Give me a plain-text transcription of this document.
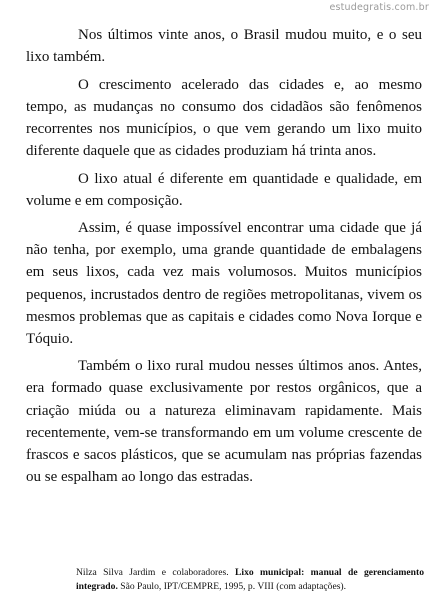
estudegratis.com.br

Nos últimos vinte anos, o Brasil mudou muito, e o seu lixo também.

O crescimento acelerado das cidades e, ao mesmo tempo, as mudanças no consumo dos cidadãos são fenômenos recorrentes nos municípios, o que vem gerando um lixo muito diferente daquele que as cidades produziam há trinta anos.

O lixo atual é diferente em quantidade e qualidade, em volume e em composição.

Assim, é quase impossível encontrar uma cidade que já não tenha, por exemplo, uma grande quantidade de embalagens em seus lixos, cada vez mais volumosos. Muitos municípios pequenos, incrustados dentro de regiões metropolitanas, vivem os mesmos problemas que as capitais e cidades como Nova Iorque e Tóquio.

Também o lixo rural mudou nesses últimos anos. Antes, era formado quase exclusivamente por restos orgânicos, que a criação miúda ou a natureza eliminavam rapidamente. Mais recentemente, vem-se transformando em um volume crescente de frascos e sacos plásticos, que se acumulam nas próprias fazendas ou se espalham ao longo das estradas.

Nilza Silva Jardim e colaboradores. Lixo municipal: manual de gerenciamento integrado. São Paulo, IPT/CEMPRE, 1995, p. VIII (com adaptações).
